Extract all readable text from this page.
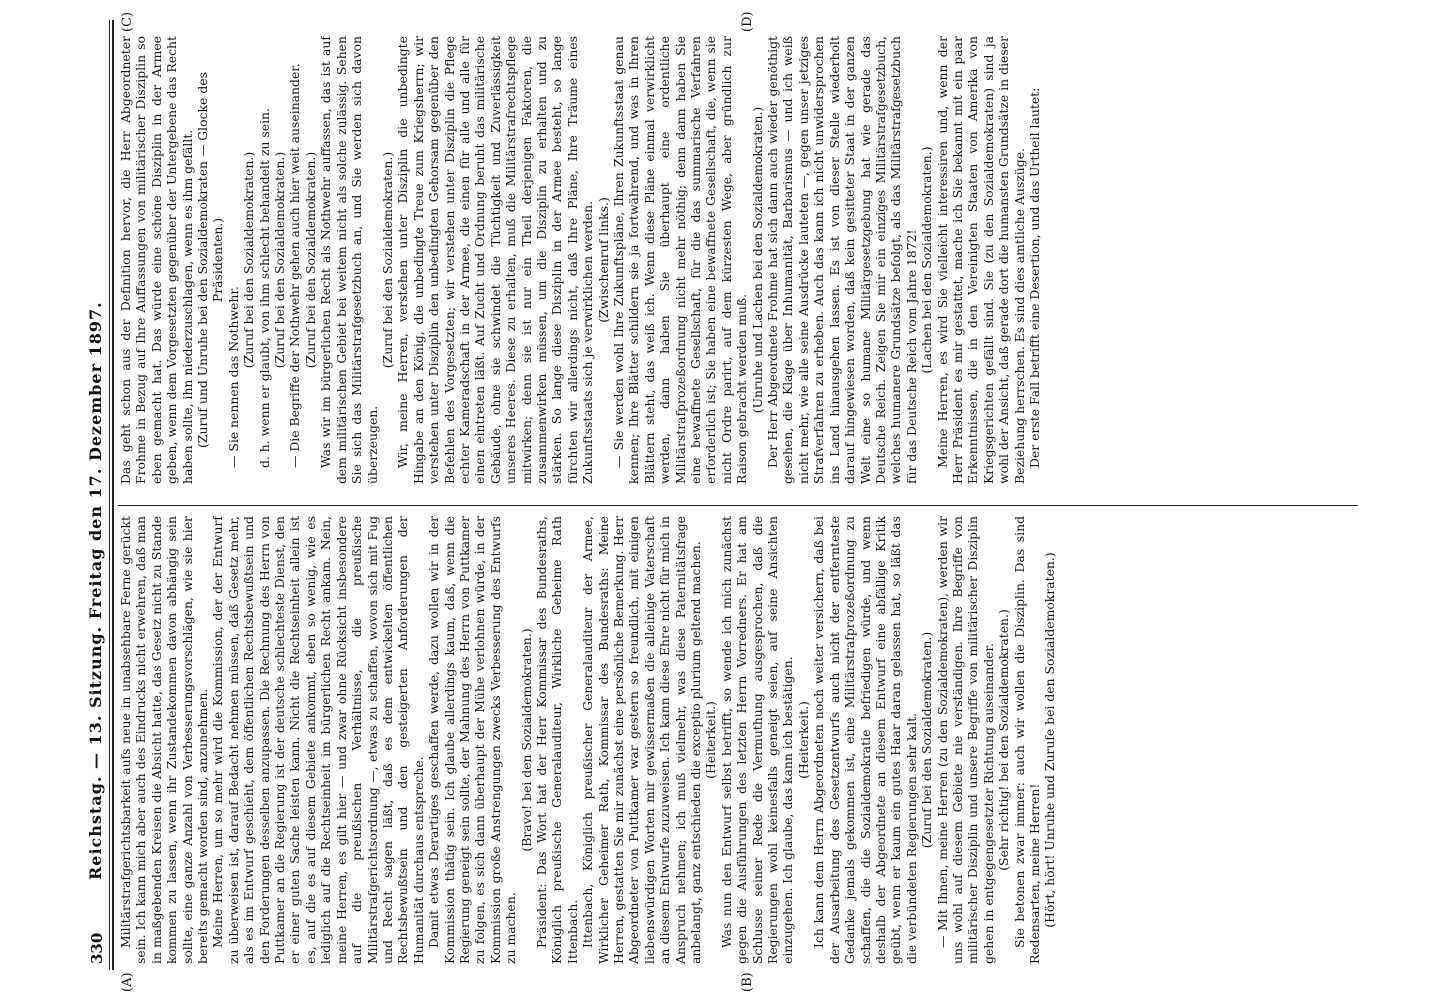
330
Reichstag. — 13. Sitzung. Freitag den 17. Dezember 1897.
(A)	(B)
(C)	(D)

Militärstrafgerichtsbarkeit aufs neue in unabsehbare Ferne gerückt sein. Ich kann mich aber auch des Eindrucks nicht erwehren, daß man in maßgebenden Kreisen die Absicht hatte, das Gesetz nicht zu Stande kommen zu lassen, wenn ihr Zustandekommen davon abhängig sein sollte, eine ganze Anzahl von Verbesserungsvorschlägen, wie sie hier bereits gemacht worden sind, anzunehmen. Meine Herren, um so mehr wird die Kommission, der der Entwurf zu überweisen ist, darauf Bedacht nehmen müssen, daß Gesetz mehr, als es im Entwurf geschieht, dem öffentlichen Rechtsbewußtsein und den Forderungen desselben anzupassen. Die Rechnung des Herrn von Puttkamer an die Regierung ist der deutsche schlechteste Dienst, den er einer guten Sache leisten kann. Nicht die Rechtseinheit allein ist es, auf die es auf diesem Gebiete ankommt, eben so wenig, wie es lediglich auf die Rechtseinheit im bürgerlichen Recht ankam. Nein, meine Herren, es gilt hier — und zwar ohne Rücksicht insbesondere auf die preußischen Verhältnisse, die preußische Militärstrafgerichtsordnung —, etwas zu schaffen, wovon sich mit Fug und Recht sagen läßt, daß es dem entwickelten öffentlichen Rechtsbewußtsein und den gesteigerten Anforderungen der Humanität durchaus entspreche. Damit etwas Derartiges geschaffen werde, dazu wollen wir in der Kommission thätig sein. Ich glaube allerdings kaum, daß, wenn die Regierung geneigt sein sollte, der Mahnung des Herrn von Puttkamer zu folgen, es sich dann überhaupt der Mühe verlohnen würde, in der Kommission große Anstrengungen zwecks Verbesserung des Entwurfs zu machen.

(Bravo! bei den Sozialdemokraten.) Präsident: Das Wort hat der Herr Kommissar des Bundesraths, Königlich preußische Generalauditeur, Wirkliche Geheime Rath Ittenbach. Ittenbach, Königlich preußischer Generalauditeur der Armee, Wirklicher Geheimer Rath, Kommissar des Bundesraths: Meine Herren, gestatten Sie mir zunächst eine persönliche Bemerkung. Herr Abgeordneter von Puttkamer war gestern so freundlich, mit einigen liebenswürdigen Worten mir gewissermaßen die alleinige Vaterschaft an diesem Entwurfe zuzuweisen. Ich kann diese Ehre nicht für mich in Anspruch nehmen; ich muß vielmehr, was diese Paternitätsfrage anbelangt, ganz entschieden die exceptio plurium geltend machen. (Heiterkeit.) Was nun den Entwurf selbst betrifft, so wende ich mich zunächst gegen die Ausführungen des letzten Herrn Vorredners. Er hat am Schlusse seiner Rede die Vermuthung ausgesprochen, daß die Regierungen wohl keinesfalls geneigt seien, auf seine Ansichten einzugehen. Ich glaube, das kann ich bestätigen. (Heiterkeit.) Ich kann dem Herrn Abgeordneten noch weiter versichern, daß bei der Ausarbeitung des Gesetzentwurfs auch nicht der entfernteste Gedanke jemals gekommen ist, eine Militärstrafprozeßordnung zu schaffen, die die Sozialdemokratie befriedigen würde, und wenn deshalb der Abgeordnete an diesem Entwurf eine abfällige Kritik geübt, wenn er kaum ein gutes Haar daran gelassen hat, so läßt das die verbündeten Regierungen sehr kalt. (Zuruf bei den Sozialdemokraten.) — Mit Ihnen, meine Herren (zu den Sozialdemokraten), werden wir uns wohl auf diesem Gebiete nie verständigen. Ihre Begriffe von militärischer Disziplin und unsere Begriffe von militärischer Disziplin gehen in entgegengesetzter Richtung auseinander. (Sehr richtig! bei den Sozialdemokraten.) Sie betonen zwar immer: auch wir wollen die Disziplin. Das sind Redensarten, meine Herren! (Hört, hört! Unruhe und Zurufe bei den Sozialdemokraten.)

Das geht schon aus der Definition hervor, die Herr Abgeordneter Frohme in Bezug auf Ihre Auffassungen von militärischer Disziplin so eben gemacht hat. Das würde eine schöne Disziplin in der Armee geben, wenn dem Vorgesetzten gegenüber der Untergebene das Recht haben sollte, ihn niederzuschlagen, wenn es ihm gefällt. (Zuruf und Unruhe bei den Sozialdemokraten — Glocke des Präsidenten.)

— Sie nennen das Nothwehr.

(Zuruf bei den Sozialdemokraten.) d. h. wenn er glaubt, von ihm schlecht behandelt zu sein. (Zuruf bei den Sozialdemokraten.) — Die Begriffe der Nothwehr gehen auch hier weit auseinander. (Zuruf bei den Sozialdemokraten.) Was wir im bürgerlichen Recht als Nothwehr auffassen, das ist auf dem militärischen Gebiet bei weitem nicht als solche zulässig. Sehen Sie sich das Militärstrafgesetzbuch an, und Sie werden sich davon überzeugen.

(Zuruf bei den Sozialdemokraten.) Wir, meine Herren, verstehen unter Disziplin die unbedingte Hingabe an den König, die unbedingte Treue zum Kriegsherrn; wir verstehen unter Disziplin den unbedingten Gehorsam gegenüber den Befehlen des Vorgesetzten; wir verstehen unter Disziplin die Pflege echter Kameradschaft in der Armee, die einen für alle und alle für einen eintreten läßt. Auf Zucht und Ordnung beruht das militärische Gebäude, ohne sie schwindet die Tüchtigkeit und Zuverlässigkeit unseres Heeres. Diese zu erhalten, muß die Militärstrafrechtspflege mitwirken; denn sie ist nur ein Theil derjenigen Faktoren, die zusammenwirken müssen, um die Disziplin zu erhalten und zu stärken. So lange diese Disziplin in der Armee besteht, so lange fürchten wir allerdings nicht, daß Ihre Pläne, Ihre Träume eines Zukunftsstaats sich je verwirklichen werden. (Zwischenruf links.) — Sie werden wohl Ihre Zukunftspläne, Ihren Zukunftsstaat genau kennen; Ihre Blätter schildern sie ja fortwährend, und was in Ihren Blättern steht, das weiß ich. Wenn diese Pläne einmal verwirklicht werden, dann haben Sie überhaupt eine ordentliche Militärstrafprozeßordnung nicht mehr nöthig; denn dann haben Sie eine bewaffnete Gesellschaft, für die das summarische Verfahren erforderlich ist; Sie haben eine bewaffnete Gesellschaft, die, wenn sie nicht Ordre parirt, auf dem kürzesten Wege, aber gründlich zur Raison gebracht werden muß. (Unruhe und Lachen bei den Sozialdemokraten.) Der Herr Abgeordnete Frohme hat sich dann auch wieder genöthigt gesehen, die Klage über Inhumanität, Barbarismus — und ich weiß nicht mehr, wie alle seine Ausdrücke lauteten —, gegen unser jetziges Strafverfahren zu erheben. Auch das kann ich nicht unwidersprochen ins Land hinausgehen lassen. Es ist von dieser Stelle wiederholt darauf hingewiesen worden, daß kein gesitteter Staat in der ganzen Welt eine so humane Militärgesetzgebung hat wie gerade das Deutsche Reich. Zeigen Sie mir ein einziges Militärstrafgesetzbuch, welches humanere Grundsätze befolgt, als das Militärstrafgesetzbuch für das Deutsche Reich vom Jahre 1872! (Lachen bei den Sozialdemokraten.) Meine Herren, es wird Sie vielleicht interessiren und, wenn der Herr Präsident es mir gestattet, mache ich Sie bekannt mit ein paar Erkenntnissen, die in den Vereinigten Staaten von Amerika von Kriegsgerichten gefällt sind. Sie (zu den Sozialdemokraten) sind ja wohl der Ansicht, daß gerade dort die humansten Grundsätze in dieser Beziehung herrschen. Es sind dies amtliche Auszüge. Der erste Fall betrifft eine Desertion, und das Urtheil lautet:
